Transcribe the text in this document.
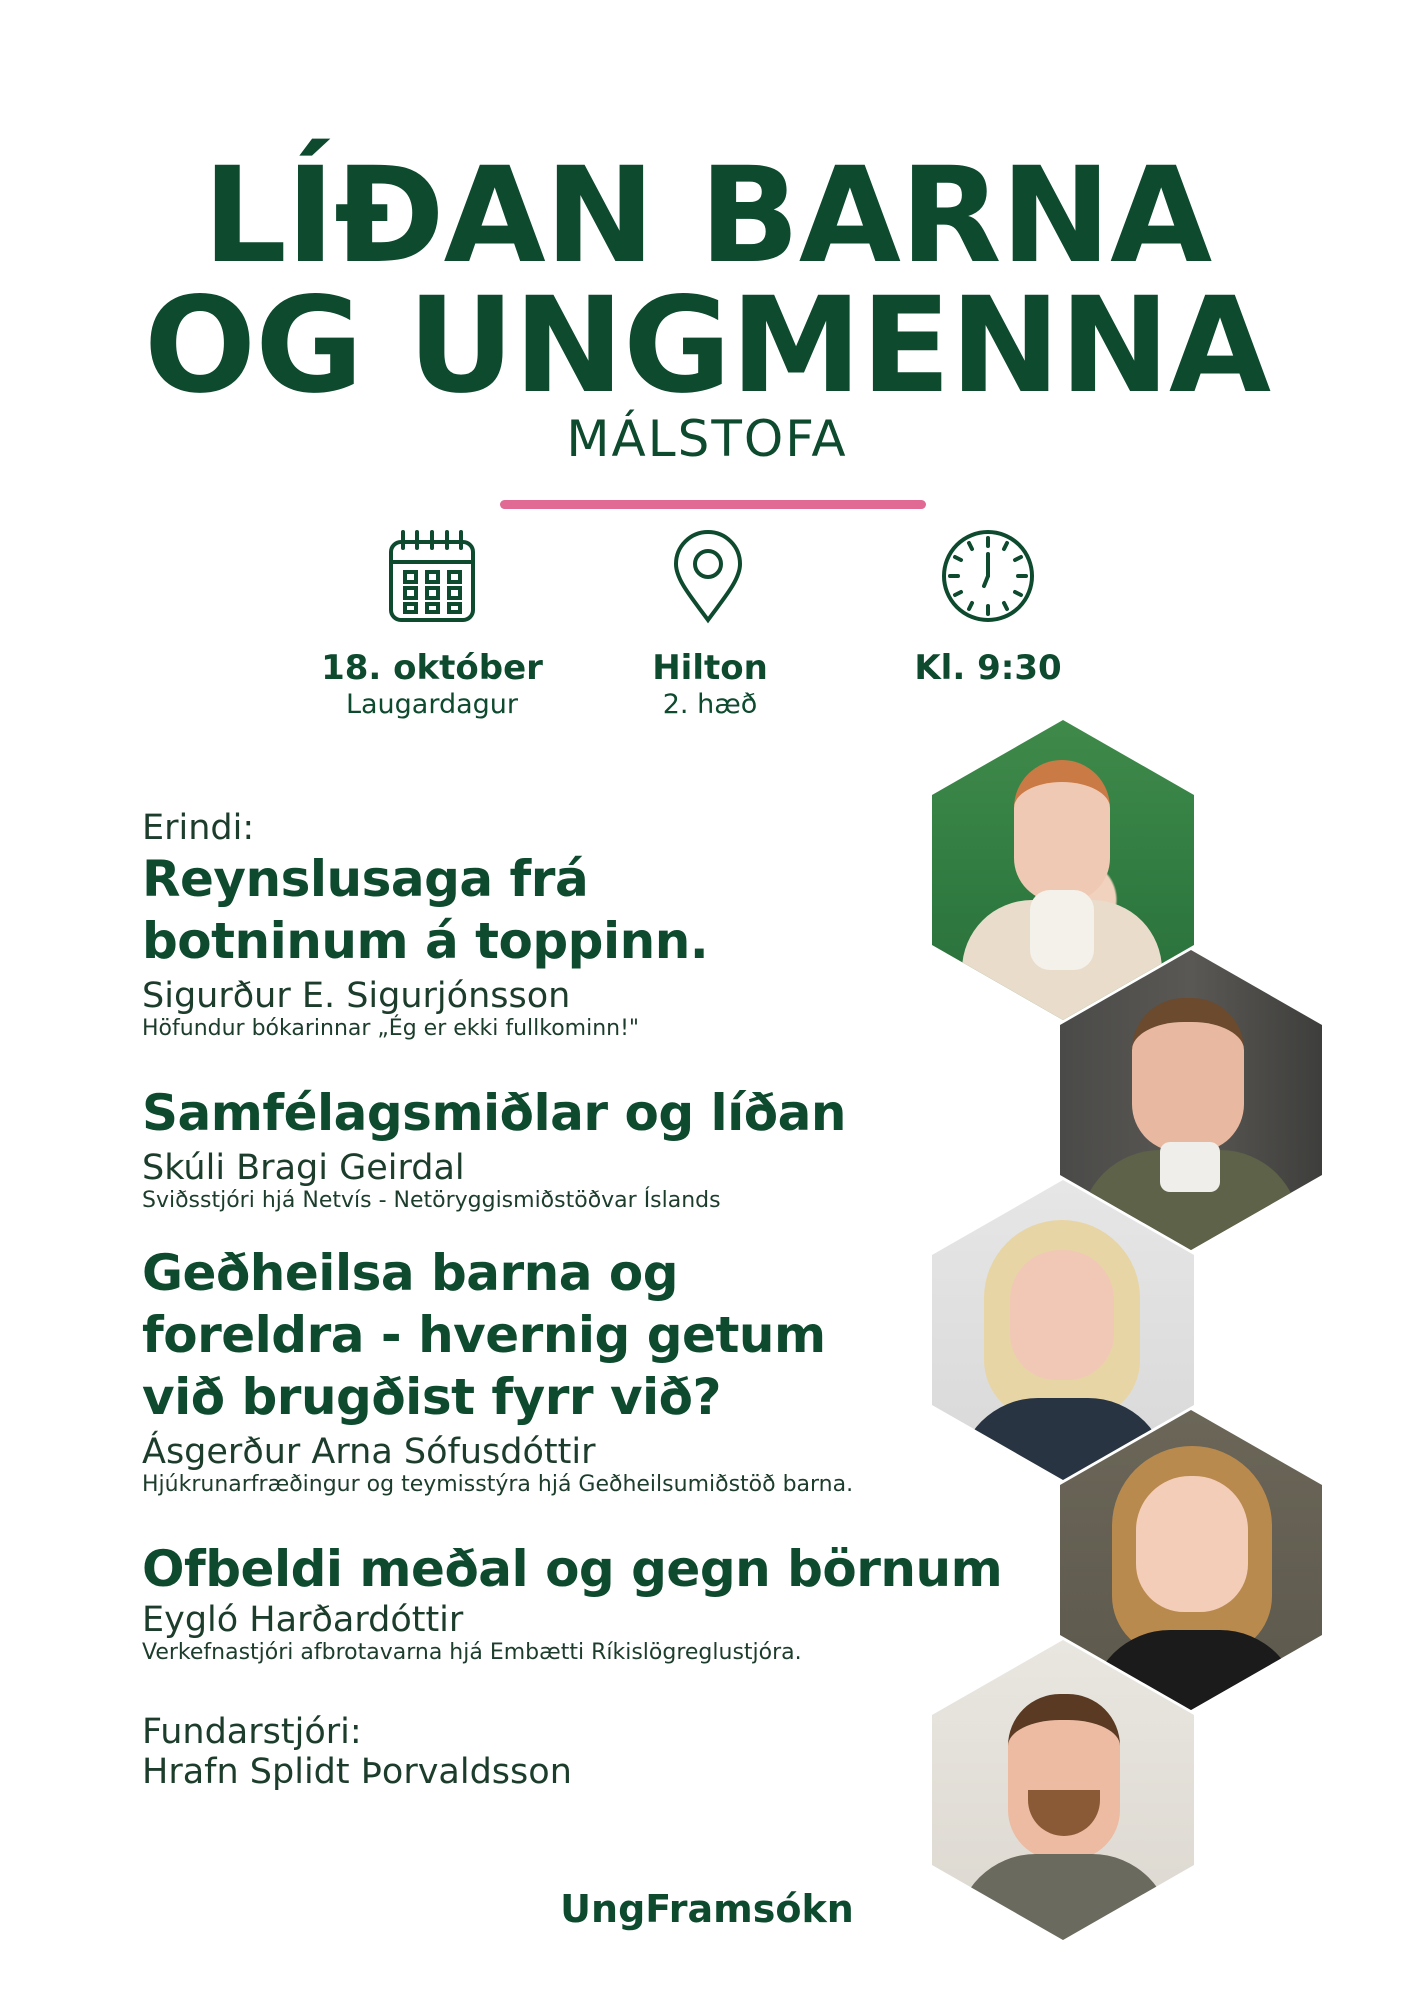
LÍÐAN BARNA
OG UNGMENNA
MÁLSTOFA
18. október
Laugardagur
Hilton
2. hæð
Kl. 9:30
Erindi:
Reynslusaga frá
botninum á toppinn.
Sigurður E. Sigurjónsson
Höfundur bókarinnar „Ég er ekki fullkominn!"
Samfélagsmiðlar og líðan
Skúli Bragi Geirdal
Sviðsstjóri hjá Netvís - Netöryggismiðstöðvar Íslands
Geðheilsa barna og
foreldra - hvernig getum
við brugðist fyrr við?
Ásgerður Arna Sófusdóttir
Hjúkrunarfræðingur og teymisstýra hjá Geðheilsumiðstöð barna.
Ofbeldi meðal og gegn börnum
Eygló Harðardóttir
Verkefnastjóri afbrotavarna hjá Embætti Ríkislögreglustjóra.
Fundarstjóri:
Hrafn Splidt Þorvaldsson
UngFramsókn
